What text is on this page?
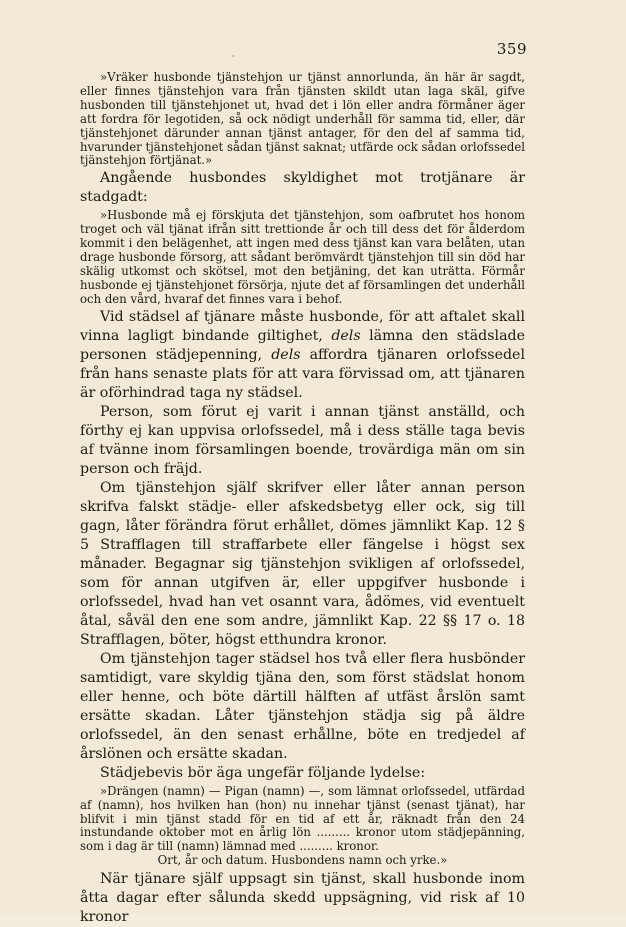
359
·

»Vräker husbonde tjänstehjon ur tjänst annorlunda, än här är sagdt, eller finnes tjänstehjon vara från tjänsten skildt utan laga skäl, gifve husbonden till tjänstehjonet ut, hvad det i lön eller andra förmåner äger att fordra för legotiden, så ock nödigt underhåll för samma tid, eller, där tjänstehjonet därunder annan tjänst antager, för den del af samma tid, hvarunder tjänstehjonet sådan tjänst saknat; utfärde ock sådan orlofssedel tjänstehjon förtjänat.»

Angående husbondes skyldighet mot trotjänare är stadgadt:

»Husbonde må ej förskjuta det tjänstehjon, som oafbrutet hos honom troget och väl tjänat ifrån sitt trettionde år och till dess det för ålderdom kommit i den belägenhet, att ingen med dess tjänst kan vara belåten, utan drage husbonde försorg, att sådant berömvärdt tjänstehjon till sin död har skälig utkomst och skötsel, mot den betjäning, det kan uträtta. Förmår husbonde ej tjänstehjonet försörja, njute det af församlingen det underhåll och den vård, hvaraf det finnes vara i behof.

Vid städsel af tjänare måste husbonde, för att aftalet skall vinna lagligt bindande giltighet, dels lämna den städslade personen städjepenning, dels affordra tjänaren orlofssedel från hans senaste plats för att vara förvissad om, att tjänaren är oförhindrad taga ny städsel.

Person, som förut ej varit i annan tjänst anställd, och förthy ej kan uppvisa orlofssedel, må i dess ställe taga bevis af tvänne inom församlingen boende, trovärdiga män om sin person och fräjd.

Om tjänstehjon själf skrifver eller låter annan person skrifva falskt städje- eller afskedsbetyg eller ock, sig till gagn, låter förändra förut erhållet, dömes jämnlikt Kap. 12 § 5 Strafflagen till straffarbete eller fängelse i högst sex månader. Begagnar sig tjänstehjon svikligen af orlofssedel, som för annan utgifven är, eller uppgifver husbonde i orlofssedel, hvad han vet osannt vara, ådömes, vid eventuelt åtal, såväl den ene som andre, jämnlikt Kap. 22 §§ 17 o. 18 Strafflagen, böter, högst etthundra kronor.

Om tjänstehjon tager städsel hos två eller flera husbönder samtidigt, vare skyldig tjäna den, som först städslat honom eller henne, och böte därtill hälften af utfäst årslön samt ersätte skadan. Låter tjänstehjon städja sig på äldre orlofssedel, än den senast erhållne, böte en tredjedel af årslönen och ersätte skadan.

Städjebevis bör äga ungefär följande lydelse:

»Drängen (namn) — Pigan (namn) —, som lämnat orlofssedel, utfärdad af (namn), hos hvilken han (hon) nu innehar tjänst (senast tjänat), har blifvit i min tjänst stadd för en tid af ett år, räknadt från den 24 instundande oktober mot en årlig lön ......... kronor utom städjepänning, som i dag är till (namn) lämnad med ......... kronor.

Ort, år och datum. Husbondens namn och yrke.»

När tjänare själf uppsagt sin tjänst, skall husbonde inom åtta dagar efter sålunda skedd uppsägning, vid risk af 10 kronor
